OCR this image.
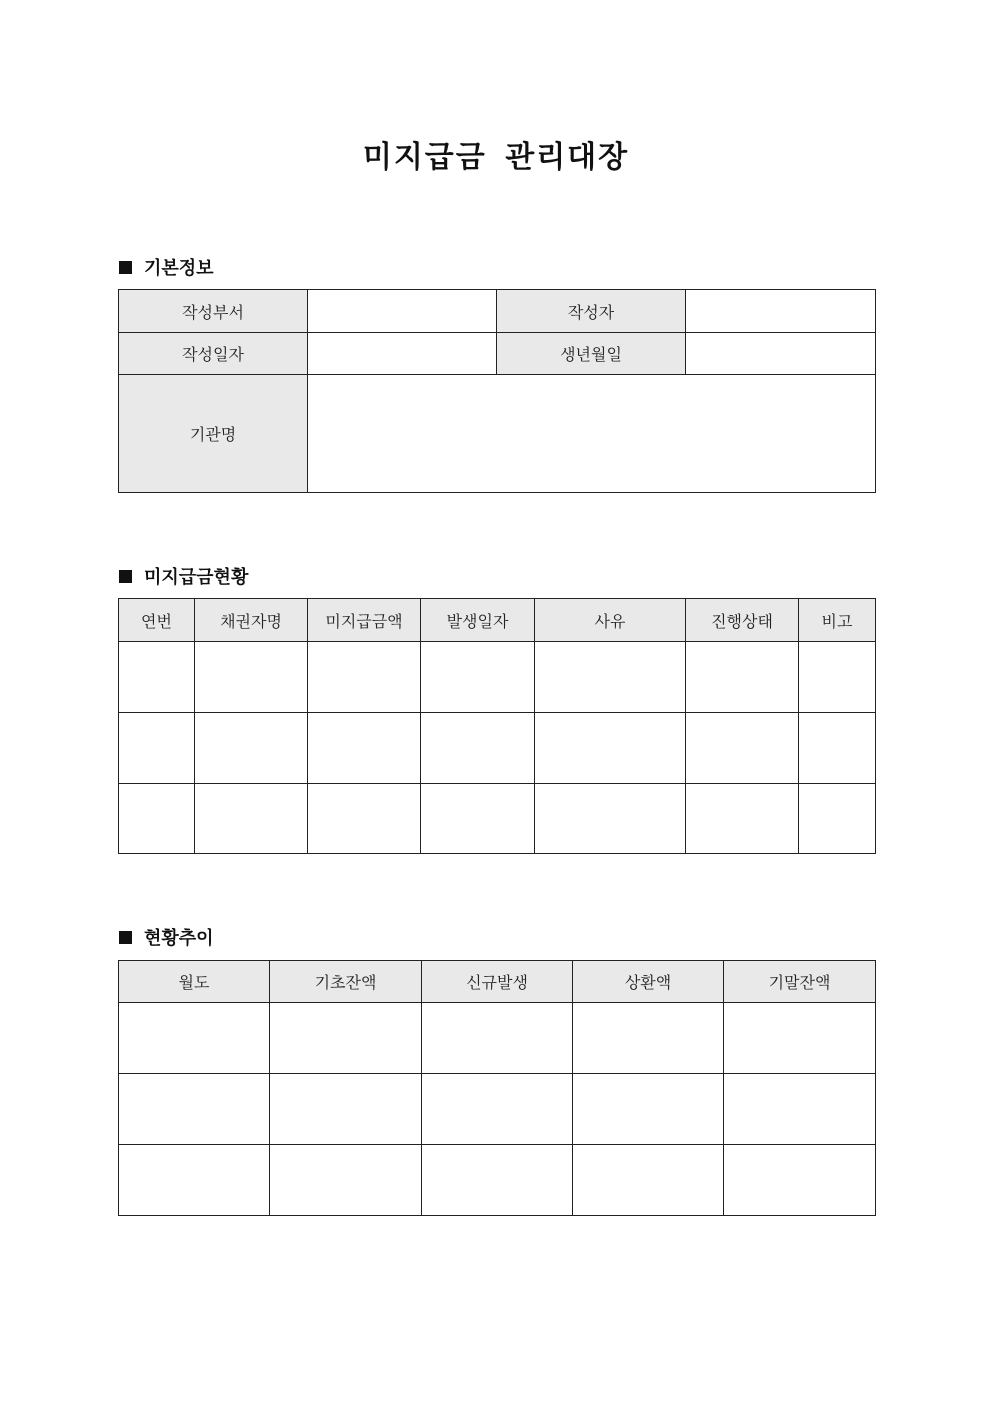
미지급금 관리대장
기본정보
작성부서		작성자	
작성일자		생년월일	
기관명			
미지급금현황
연번	채권자명	미지급금액	발생일자	사유	진행상태	비고

현황추이
월도	기초잔액	신규발생	상환액	기말잔액
